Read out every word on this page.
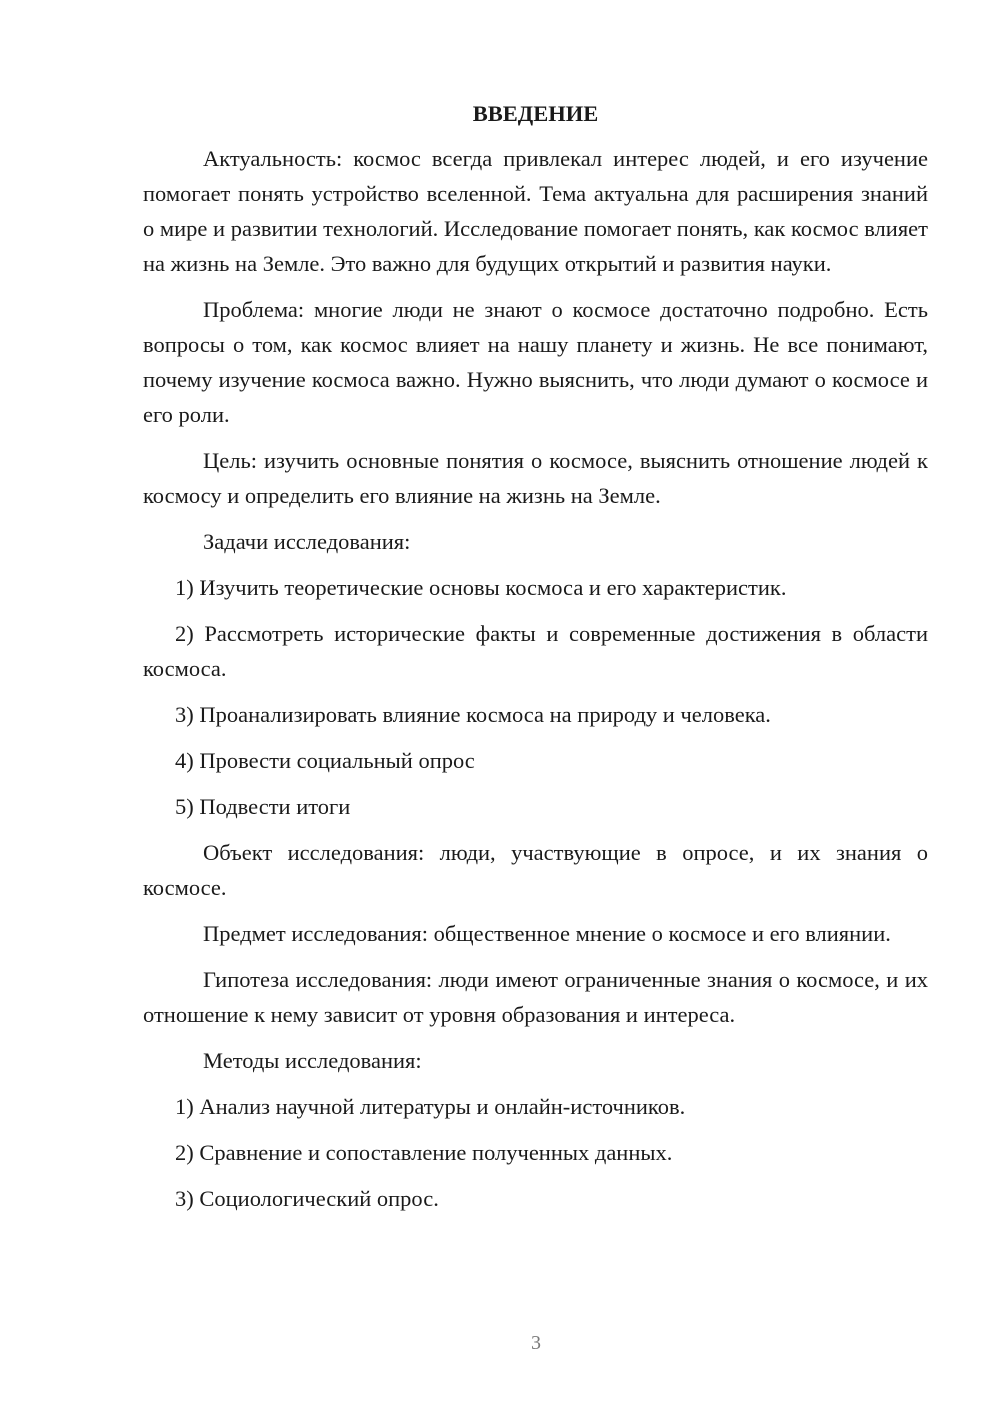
ВВЕДЕНИЕ

Актуальность: космос всегда привлекал интерес людей, и его изучение помогает понять устройство вселенной. Тема актуальна для расширения знаний о мире и развитии технологий. Исследование помогает понять, как космос влияет на жизнь на Земле. Это важно для будущих открытий и развития науки.

Проблема: многие люди не знают о космосе достаточно подробно. Есть вопросы о том, как космос влияет на нашу планету и жизнь. Не все понимают, почему изучение космоса важно. Нужно выяснить, что люди думают о космосе и его роли.

Цель: изучить основные понятия о космосе, выяснить отношение людей к космосу и определить его влияние на жизнь на Земле.

Задачи исследования:

1) Изучить теоретические основы космоса и его характеристик.

2) Рассмотреть исторические факты и современные достижения в области космоса.

3) Проанализировать влияние космоса на природу и человека.

4) Провести социальный опрос

5) Подвести итоги

Объект исследования: люди, участвующие в опросе, и их знания о космосе.

Предмет исследования: общественное мнение о космосе и его влиянии.

Гипотеза исследования: люди имеют ограниченные знания о космосе, и их отношение к нему зависит от уровня образования и интереса.

Методы исследования:

1) Анализ научной литературы и онлайн-источников.

2) Сравнение и сопоставление полученных данных.

3) Социологический опрос.

3
